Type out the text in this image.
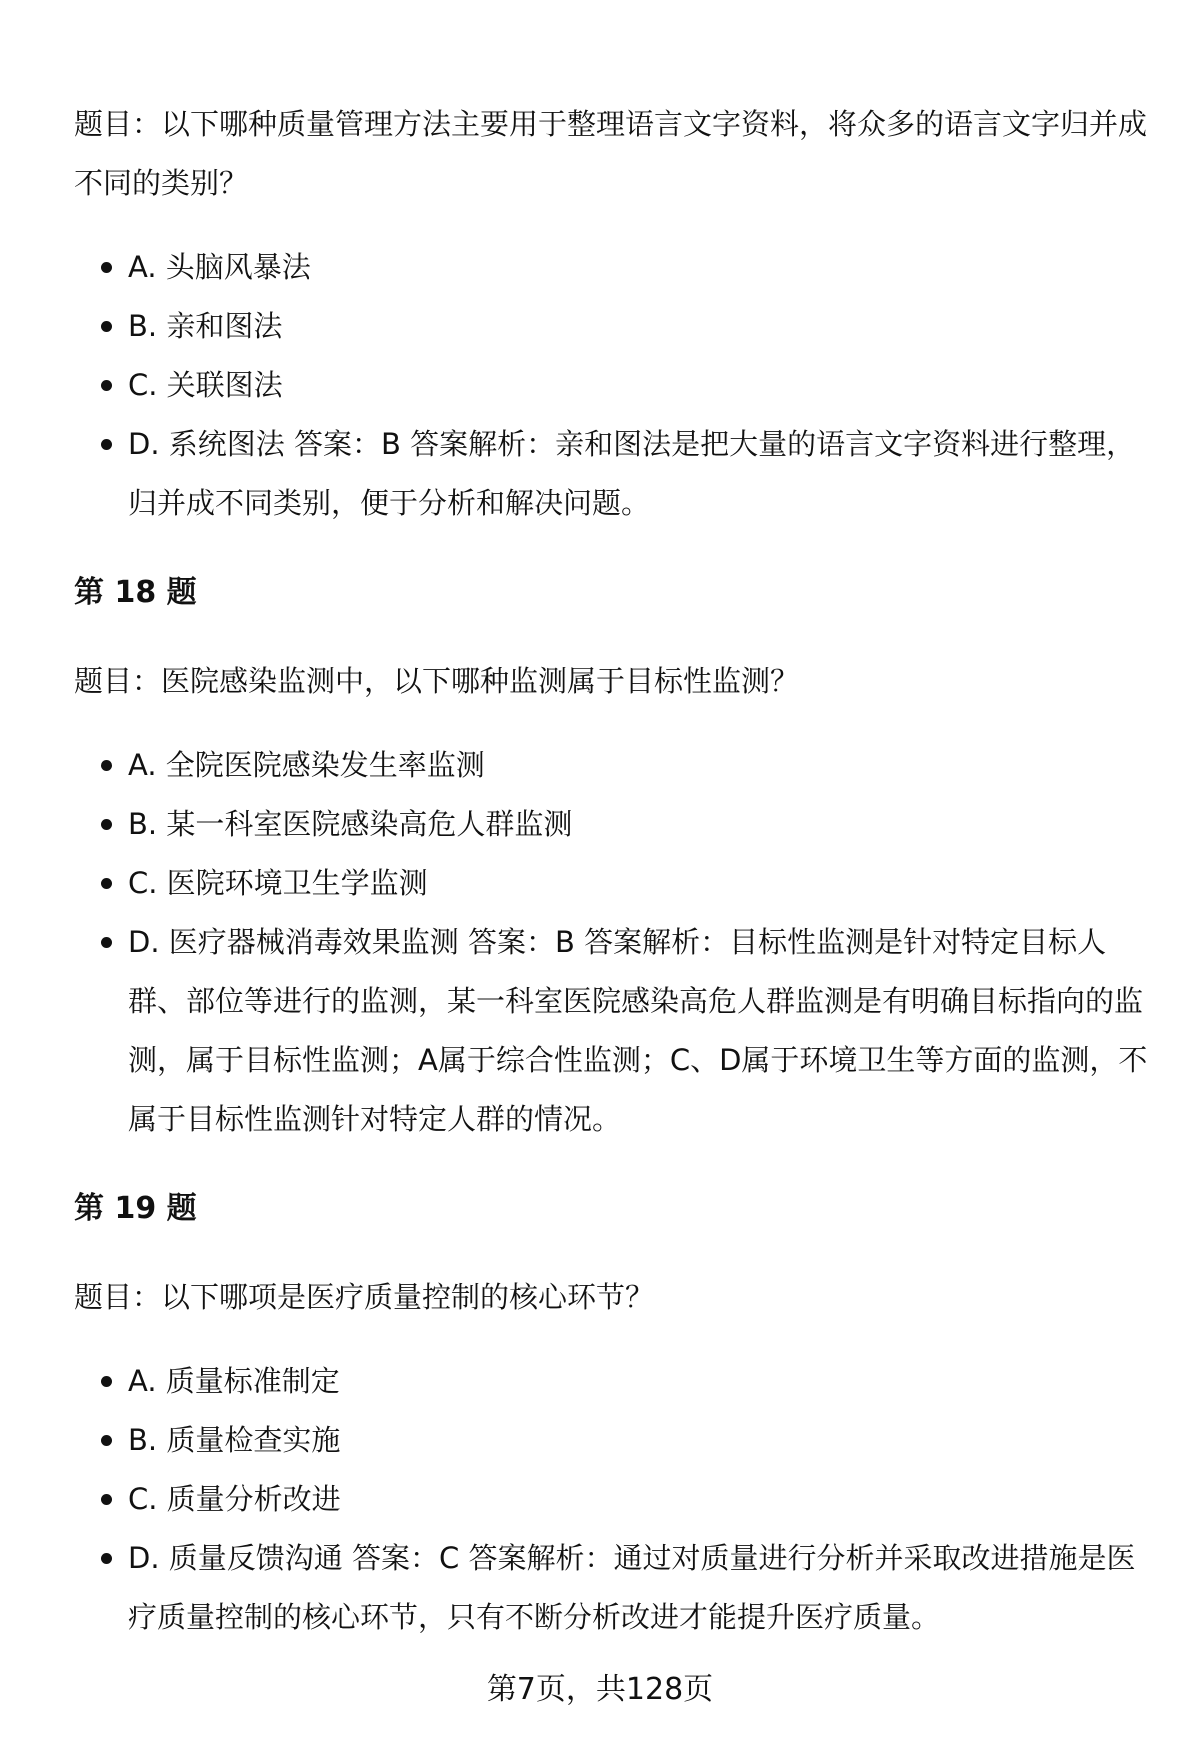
题目：以下哪种质量管理方法主要用于整理语言文字资料，将众多的语言文字归并成不同的类别？

A. 头脑风暴法
B. 亲和图法
C. 关联图法
D. 系统图法 答案：B 答案解析：亲和图法是把大量的语言文字资料进行整理，归并成不同类别，便于分析和解决问题。
第 18 题

题目：医院感染监测中，以下哪种监测属于目标性监测？

A. 全院医院感染发生率监测
B. 某一科室医院感染高危人群监测
C. 医院环境卫生学监测
D. 医疗器械消毒效果监测 答案：B 答案解析：目标性监测是针对特定目标人群、部位等进行的监测，某一科室医院感染高危人群监测是有明确目标指向的监测，属于目标性监测；A属于综合性监测；C、D属于环境卫生等方面的监测，不属于目标性监测针对特定人群的情况。
第 19 题

题目：以下哪项是医疗质量控制的核心环节？

A. 质量标准制定
B. 质量检查实施
C. 质量分析改进
D. 质量反馈沟通 答案：C 答案解析：通过对质量进行分析并采取改进措施是医疗质量控制的核心环节，只有不断分析改进才能提升医疗质量。
第7页，共128页
